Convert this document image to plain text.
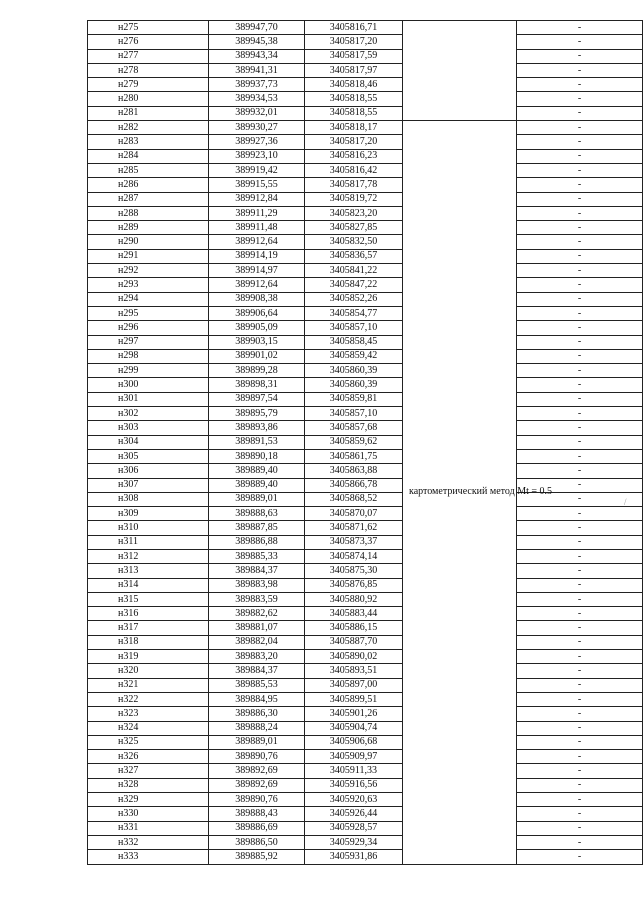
н275	389947,70	3405816,71		-
н276	389945,38	3405817,20		-
н277	389943,34	3405817,59		-
н278	389941,31	3405817,97		-
н279	389937,73	3405818,46		-
н280	389934,53	3405818,55		-
н281	389932,01	3405818,55		-
н282	389930,27	3405818,17	картометрический метод Mt = 0.5	-
н283	389927,36	3405817,20		-
н284	389923,10	3405816,23		-
н285	389919,42	3405816,42		-
н286	389915,55	3405817,78		-
н287	389912,84	3405819,72		-
н288	389911,29	3405823,20		-
н289	389911,48	3405827,85		-
н290	389912,64	3405832,50		-
н291	389914,19	3405836,57		-
н292	389914,97	3405841,22		-
н293	389912,64	3405847,22		-
н294	389908,38	3405852,26		-
н295	389906,64	3405854,77		-
н296	389905,09	3405857,10		-
н297	389903,15	3405858,45		-
н298	389901,02	3405859,42		-
н299	389899,28	3405860,39		-
н300	389898,31	3405860,39		-
н301	389897,54	3405859,81		-
н302	389895,79	3405857,10		-
н303	389893,86	3405857,68		-
н304	389891,53	3405859,62		-
н305	389890,18	3405861,75		-
н306	389889,40	3405863,88		-
н307	389889,40	3405866,78		-
н308	389889,01	3405868,52		-
н309	389888,63	3405870,07		-
н310	389887,85	3405871,62		-
н311	389886,88	3405873,37		-
н312	389885,33	3405874,14		-
н313	389884,37	3405875,30		-
н314	389883,98	3405876,85		-
н315	389883,59	3405880,92		-
н316	389882,62	3405883,44		-
н317	389881,07	3405886,15		-
н318	389882,04	3405887,70		-
н319	389883,20	3405890,02		-
н320	389884,37	3405893,51		-
н321	389885,53	3405897,00		-
н322	389884,95	3405899,51		-
н323	389886,30	3405901,26		-
н324	389888,24	3405904,74		-
н325	389889,01	3405906,68		-
н326	389890,76	3405909,97		-
н327	389892,69	3405911,33		-
н328	389892,69	3405916,56		-
н329	389890,76	3405920,63		-
н330	389888,43	3405926,44		-
н331	389886,69	3405928,57		-
н332	389886,50	3405929,34		-
н333	389885,92	3405931,86		-
/
